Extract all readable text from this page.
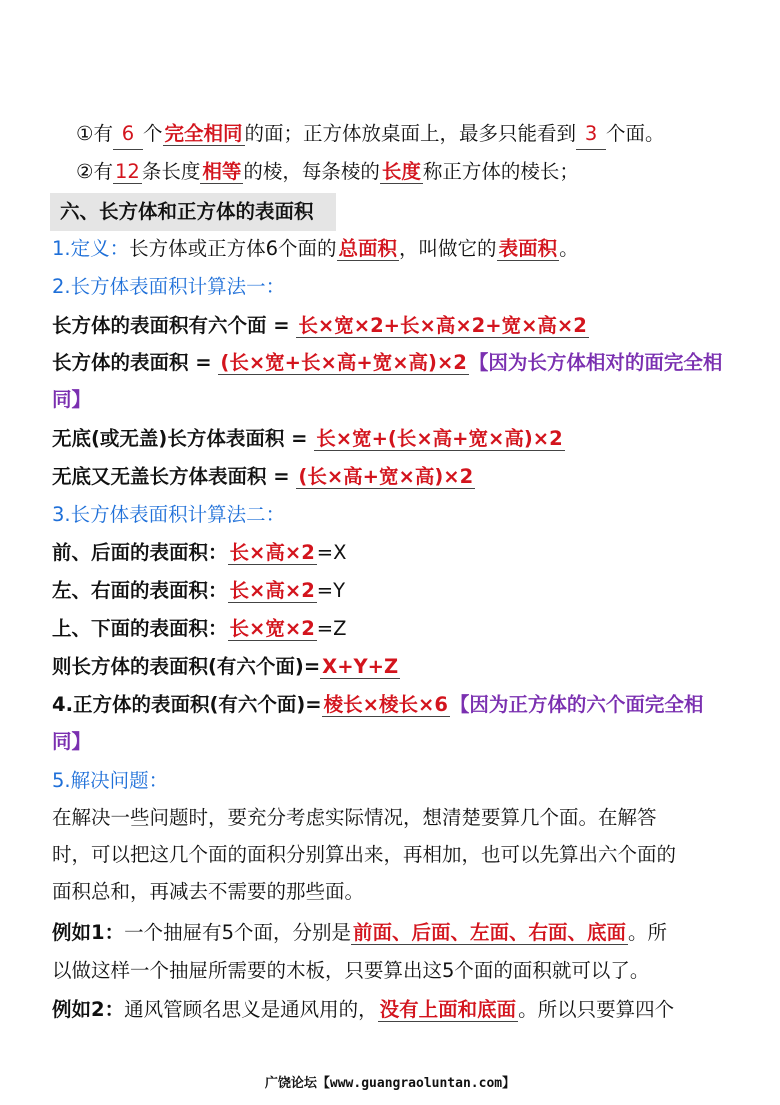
①有 6 个 完全相同 的面；正方体放桌面上，最多只能看到 3 个面。
②有 12 条长度 相等 的棱，每条棱的 长度 称正方体的棱长；
六、长方体和正方体的表面积
1.定义：长方体或正方体6个面的 总面积 ，叫做它的 表面积 。
2.长方体表面积计算法一：
长方体的表面积有六个面 = 长×宽×2+长×高×2+宽×高×2
长方体的表面积 = (长×宽+长×高+宽×高)×2 【因为长方体相对的面完全相
同】
无底(或无盖)长方体表面积 = 长×宽+(长×高+宽×高)×2
无底又无盖长方体表面积 = (长×高+宽×高)×2
3.长方体表面积计算法二：
前、后面的表面积： 长×高×2 =X
左、右面的表面积： 长×高×2 =Y
上、下面的表面积： 长×宽×2 =Z
则长方体的表面积(有六个面)= X+Y+Z
4.正方体的表面积(有六个面)= 棱长×棱长×6 【因为正方体的六个面完全相
同】
5.解决问题：
在解决一些问题时，要充分考虑实际情况，想清楚要算几个面。在解答
时，可以把这几个面的面积分别算出来，再相加，也可以先算出六个面的
面积总和，再减去不需要的那些面。
例如1：一个抽屉有5个面，分别是 前面、后面、左面、右面、底面 。所
以做这样一个抽屉所需要的木板，只要算出这5个面的面积就可以了。
例如2：通风管顾名思义是通风用的， 没有上面和底面 。所以只要算四个
广饶论坛【www.guangraoluntan.com】
